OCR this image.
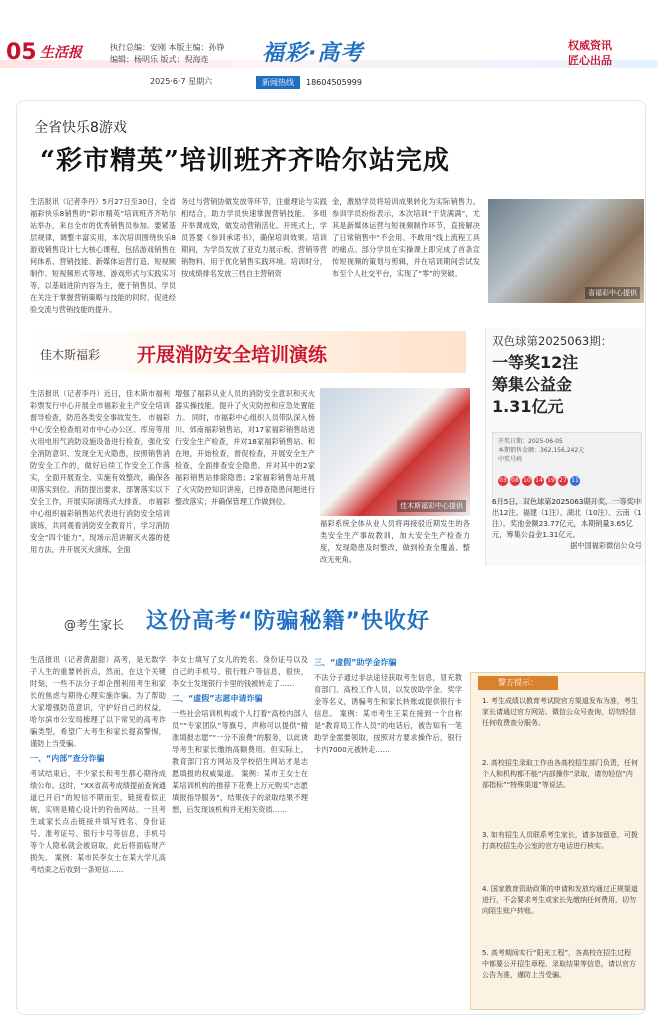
05 生活报	执行总编：安刚 本版主编：孙铮
编辑：杨明乐 版式：倪海连	福彩·高考	权威资讯
匠心出品
2025·6·7 星期六	新闻热线	18604505999
全省快乐8游戏
“彩市精英”培训班齐齐哈尔站完成
生活报讯（记者李丹）5月27日至30日，全省福彩快乐8销售的“彩市精英”培训班齐齐哈尔站举办，来自全市的优秀销售员参加。要紧基层规律，调整丰富实用，本次培训围绕快乐8游戏销售设计七大核心课程，包括游戏销售在何体系、营销技能、新媒体运营打造、短视频制作、短视频形式等地、游戏形式与实践实习等，以基础进阶内容为主，便于销售员、学员在关注于掌握营销策略与技能的同时、促进经验交流与营销技能的提升。
务过与营销协做发放等环节，注重理论与实践相结合，助力学员快速掌握营销技能。 多组开举课成效，做发动营销活化。开班式上，学员答要《参训承诺书》，确保培训效果。培训期间，为学员发放了亚克力展示板、营销等营销物料，用于优化销售实践环境。培训时分，按成绩排名发放三档自主营销资
金，激励学员将培训成果转化为实际销售力。 参训学员纷纷表示，本次培训“干货满满”，尤其是新媒体运营与短视频制作环节，直接解决了日常销售中“不会用、不敢用”线上流程工具的痛点。部分学员在实操课上即完成了首条宣传短视频的策划与剪辑，并在培训期间尝试发布至个人社交平台，实现了“零”的突破。
省福彩中心提供
佳木斯福彩 开展消防安全培训演练
生活报讯（记者李丹）近日，佳木斯市福利彩票发行中心开展全市福彩业主产安全培训督导检查，防范各类安全事故发生。 市福彩中心安全检查组对市中心办公区、库房等用火用电用气消防设施设备进行检查，强化安全消防意识、发现全无火隐患，按照销售消防安全工作的，做好后续工作安全工作落实，全面开展查全、实施有效整改，确保各项落实到位。消防提出要求，部署落实以下安全工作，开展实际演练式大排查。 市福彩中心组织福彩销售站代表进行消防安全培训演练，共同观看消防安全教育片，学习消防安全“四个能力”，现场示范讲解灭火器的使用方法，并开展灭火演练，全面
增强了福彩从业人员的消防安全意识和灭火器实操技能，提升了火灾防控和应急处置能力。 同时，市福彩中心组织人员带队深入杨川、郊南福彩销售站，对17家福彩销售站进行安全生产检查，并对18家福彩销售站、和在地，开始检查，督促检查，开展安全生产检查，全面排查安全隐患。并对其中的2家福彩销售站排除隐患；2家福彩销售站开展了火灾防控知识讲座，已排查隐患问题进行整改落实；并确保管理工作做到位。	佳木斯福彩中心提供
福彩系统全体从业人员将再接驳近期发生的各类安全生产事故教训，加大安全生产检查力度，发现隐患及时整改，做到检查全覆盖、整改无死角。
双色球第2025063期：
一等奖12注
筹集公益金
1.31亿元
开奖日期：2025-06-05
本期销售金额：362,156,242元
中奖号码
03 08 10 14 19 27 11
6月5日，双色球第2025063期开奖，一等奖中出12注。福建（1注）、湖北（10注）、云南（1注）。奖池金额23.77亿元，本期销量3.65亿元，筹集公益金1.31亿元。
据中国福彩微信公众号
@考生家长 这份高考“防骗秘籍”快收好
生活报讯（记者黄甜甜）高考，是无数学子人生的重要转折点，然而，在这个关键时刻，一些不法分子却企图利用考生和家长的焦虑与期待心理实施诈骗。为了帮助大家增强防范意识，守护好自己的权益，哈尔滨市公安局梳理了以下常见的高考诈骗类型，希望广大考生和家长提高警惕，谨防上当受骗。
一、“内部”查分诈骗
考试结束后，不少家长和考生都心期待成绩公布。这时，“XX省高考成绩提前查询通道已开启”的短信不期而至，链接看似正规，实则是精心设计的钓鱼网站。一旦考生或家长点击链接并填写姓名、身份证号、准考证号、银行卡号等信息，手机号等个人隐私就会被窃取，此后将面临财产损失。 案例：某市民李女士在某大学儿高考结束之后收到一条短信……
李女士填写了女儿的姓名、身份证号以及自己的手机号、银行账户等信息，很快，李女士发现银行卡里的钱被转走了……
二、“虚假”志愿申请诈骗
一些社会培训机构或个人打着“高校内部人员”“专家团队”等旗号，声称可以提供“精准填报志愿”“一分不浪费”的服务，以此诱导考生和家长缴纳高额费用。但实际上，教育部门官方网站及学校招生网站才是志愿填报的权威渠道。 案例：某市王女士在某培训机构的推荐下花费上万元购买“志愿填报指导服务”，结果孩子的录取结果不理想，后发现该机构并无相关资质……
三、“虚假”助学金诈骗
不法分子通过非法途径获取考生信息，冒充教育部门、高校工作人员，以发放助学金、奖学金等名义，诱骗考生和家长转账或提供银行卡信息。 案例：某市考生王某在接到一个自称是“教育局工作人员”的电话后，被告知有一笔助学金需要领取，按照对方要求操作后，银行卡内7000元被转走……
警方提示：
1. 考生成绩以教育考试院官方渠道发布为准，考生家长请通过官方网站、微信公众号查询，切勿轻信任何收费查分服务。
2. 高校招生录取工作由各高校招生部门负责，任何个人和机构都不能“内部操作”录取，请勿轻信“内部指标”“特殊渠道”等说法。
3. 如有招生人员联系考生家长，请多加留意，可拨打高校招生办公室的官方电话进行核实。
4. 国家教育资助政策的申请和发放均通过正规渠道进行，不会要求考生或家长先缴纳任何费用，切勿向陌生账户转账。
5. 高考期间实行“阳光工程”，各高校在招生过程中都要公开招生章程、录取结果等信息，请以官方公告为准，谨防上当受骗。
